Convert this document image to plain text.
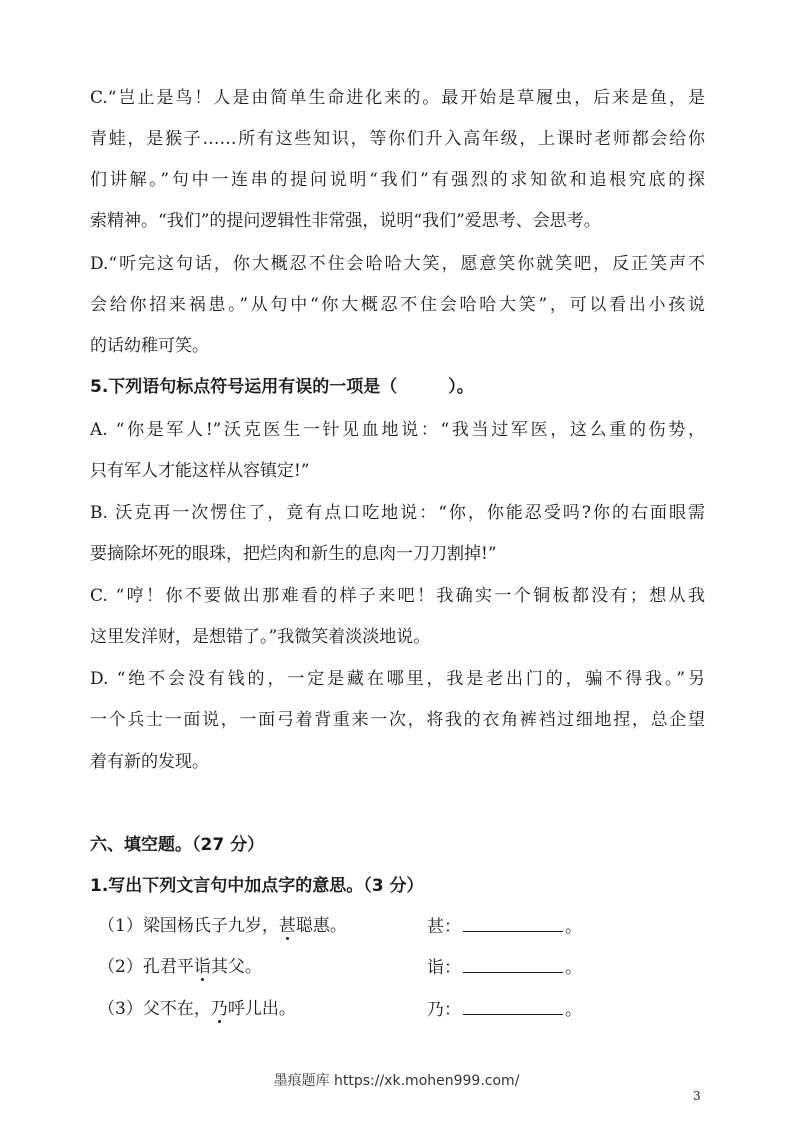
C.“岂止是鸟！人是由简单生命进化来的。最开始是草履虫，后来是鱼，是
青蛙，是猴子……所有这些知识，等你们升入高年级，上课时老师都会给你
们讲解。”句中一连串的提问说明“我们”有强烈的求知欲和追根究底的探
索精神。“我们”的提问逻辑性非常强，说明“我们”爱思考、会思考。
D.“听完这句话，你大概忍不住会哈哈大笑，愿意笑你就笑吧，反正笑声不
会给你招来祸患。”从句中“你大概忍不住会哈哈大笑”，可以看出小孩说
的话幼稚可笑。
5.下列语句标点符号运用有误的一项是（　　　）。
A. “你是军人!”沃克医生一针见血地说：“我当过军医，这么重的伤势，
只有军人才能这样从容镇定!”
B. 沃克再一次愣住了，竟有点口吃地说：“你，你能忍受吗?你的右面眼需
要摘除坏死的眼珠，把烂肉和新生的息肉一刀刀割掉!”
C. “哼！你不要做出那难看的样子来吧！我确实一个铜板都没有；想从我
这里发洋财，是想错了。”我微笑着淡淡地说。
D. “绝不会没有钱的，一定是藏在哪里，我是老出门的，骗不得我。”另
一个兵士一面说，一面弓着背重来一次，将我的衣角裤裆过细地捏，总企望
着有新的发现。
六、填空题。（27 分）
1.写出下列文言句中加点字的意思。（3 分）
（1）梁国杨氏子九岁，甚聪惠。	甚：	。
（2）孔君平诣其父。	诣：	。
（3）父不在，乃呼儿出。	乃：	。
墨痕题库 https://xk.mohen999.com/
3
